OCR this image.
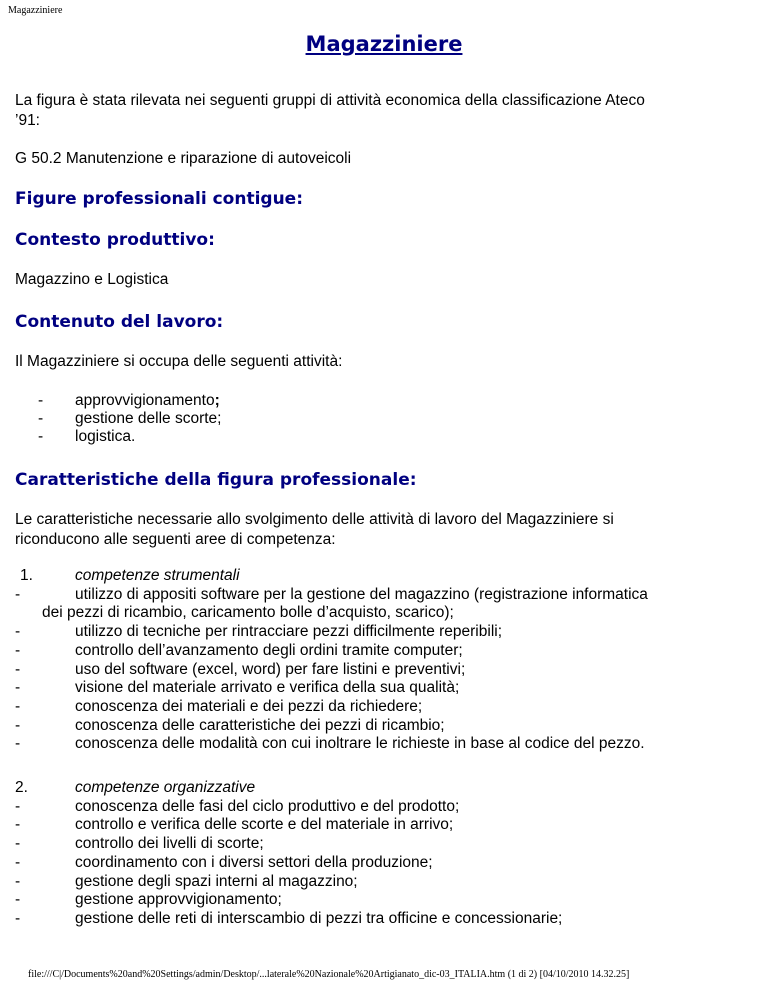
Magazziniere
Magazziniere
La figura è stata rilevata nei seguenti gruppi di attività economica della classificazione Ateco
’91:
G 50.2 Manutenzione e riparazione di autoveicoli
Figure professionali contigue:
Contesto produttivo:
Magazzino e Logistica
Contenuto del lavoro:
Il Magazziniere si occupa delle seguenti attività:
-	approvvigionamento ;
-	gestione delle scorte;
-	logistica.
Caratteristiche della figura professionale:
Le caratteristiche necessarie allo svolgimento delle attività di lavoro del Magazziniere si
riconducono alle seguenti aree di competenza:
1.	competenze strumentali
-	utilizzo di appositi software per la gestione del magazzino (registrazione informatica
dei pezzi di ricambio, caricamento bolle d’acquisto, scarico);
-	utilizzo di tecniche per rintracciare pezzi difficilmente reperibili;
-	controllo dell’avanzamento degli ordini tramite computer;
-	uso del software (excel, word) per fare listini e preventivi;
-	visione del materiale arrivato e verifica della sua qualità;
-	conoscenza dei materiali e dei pezzi da richiedere;
-	conoscenza delle caratteristiche dei pezzi di ricambio;
-	conoscenza delle modalità con cui inoltrare le richieste in base al codice del pezzo.
2.	competenze organizzative
-	conoscenza delle fasi del ciclo produttivo e del prodotto;
-	controllo e verifica delle scorte e del materiale in arrivo;
-	controllo dei livelli di scorte;
-	coordinamento con i diversi settori della produzione;
-	gestione degli spazi interni al magazzino;
-	gestione approvvigionamento;
-	gestione delle reti di interscambio di pezzi tra officine e concessionarie;
file:///C|/Documents%20and%20Settings/admin/Desktop/...laterale%20Nazionale%20Artigianato_dic-03_ITALIA.htm (1 di 2) [04/10/2010 14.32.25]
